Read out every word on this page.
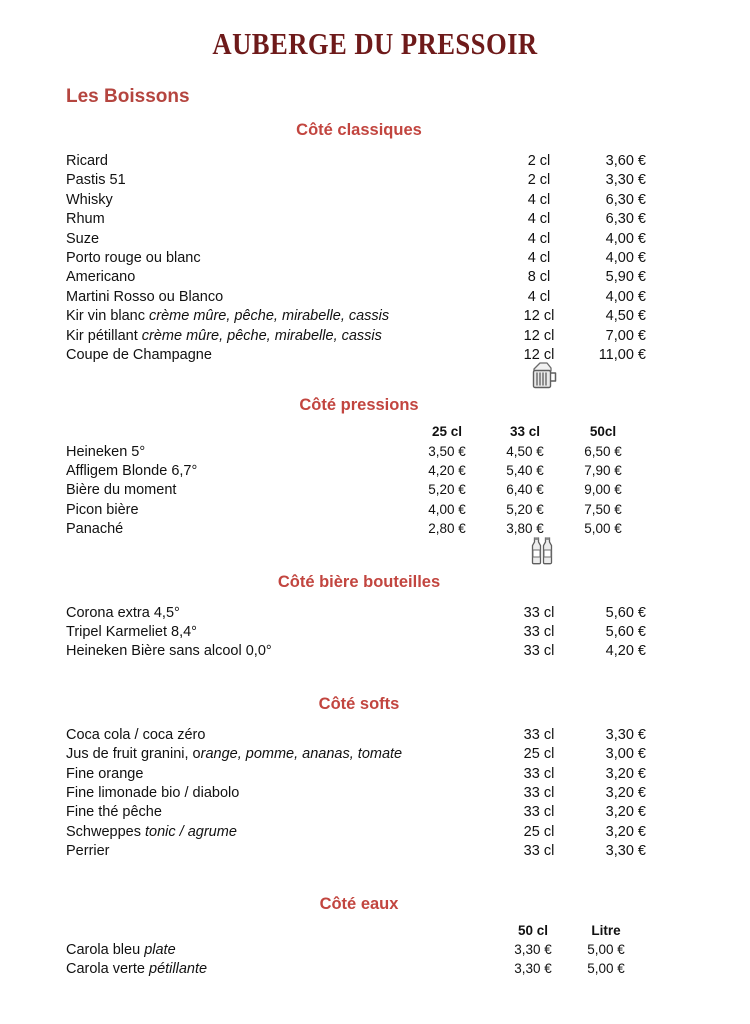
AUBERGE DU PRESSOIR
Les Boissons
Côté classiques
Ricard	2 cl	3,60 €
Pastis 51	2 cl	3,30 €
Whisky	4 cl	6,30 €
Rhum	4 cl	6,30 €
Suze	4 cl	4,00 €
Porto rouge ou blanc	4 cl	4,00 €
Americano	8 cl	5,90 €
Martini Rosso ou Blanco	4 cl	4,00 €
Kir vin blanc crème mûre, pêche, mirabelle, cassis	12 cl	4,50 €
Kir pétillant crème mûre, pêche, mirabelle, cassis	12 cl	7,00 €
Coupe de Champagne	12 cl	11,00 €
Côté pressions
	25 cl	33 cl	50cl
Heineken 5°	3,50 €	4,50 €	6,50 €
Affligem Blonde 6,7°	4,20 €	5,40 €	7,90 €
Bière du moment	5,20 €	6,40 €	9,00 €
Picon bière	4,00 €	5,20 €	7,50 €
Panaché	2,80 €	3,80 €	5,00 €
Côté bière bouteilles
Corona extra 4,5°	33 cl	5,60 €
Tripel Karmeliet 8,4°	33 cl	5,60 €
Heineken Bière sans alcool 0,0°	33 cl	4,20 €
Côté softs
Coca cola / coca zéro	33 cl	3,30 €
Jus de fruit granini, orange, pomme, ananas, tomate	25 cl	3,00 €
Fine orange	33 cl	3,20 €
Fine limonade bio / diabolo	33 cl	3,20 €
Fine thé pêche	33 cl	3,20 €
Schweppes tonic / agrume	25 cl	3,20 €
Perrier	33 cl	3,30 €
Côté eaux
	50 cl	Litre
Carola bleu plate	3,30 €	5,00 €
Carola verte pétillante	3,30 €	5,00 €
